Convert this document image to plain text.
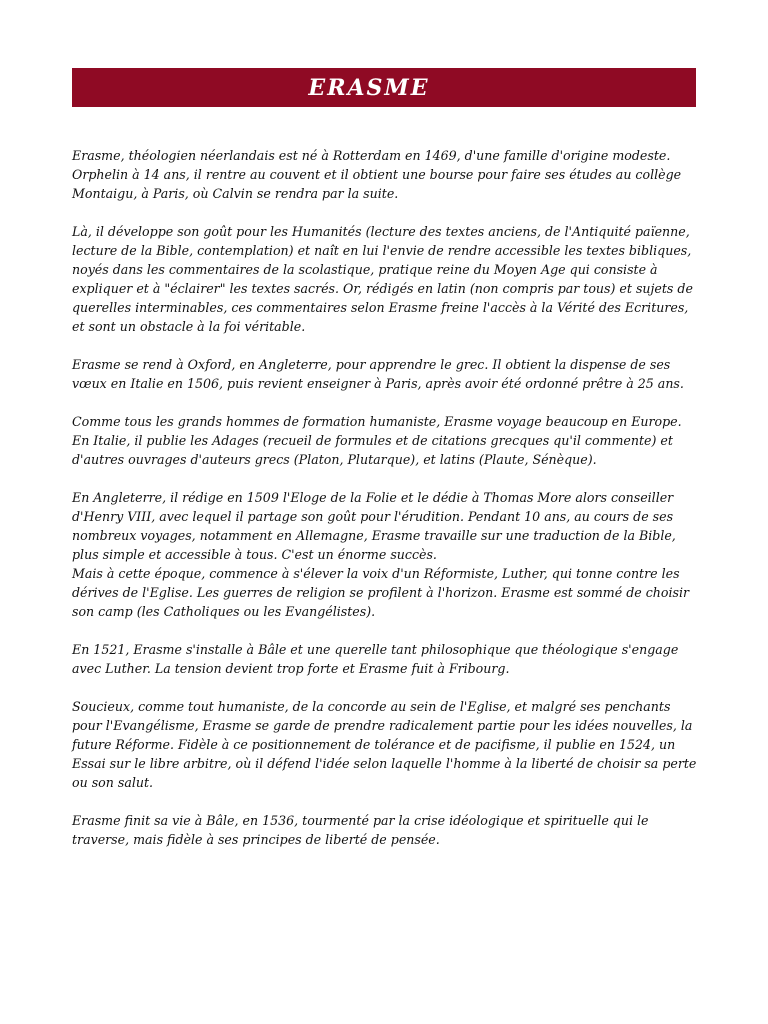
ERASME

Erasme, théologien néerlandais est né à Rotterdam en 1469, d'une famille d'origine modeste. Orphelin à 14 ans, il rentre au couvent et il obtient une bourse pour faire ses études au collège Montaigu, à Paris, où Calvin se rendra par la suite.

Là, il développe son goût pour les Humanités (lecture des textes anciens, de l'Antiquité païenne, lecture de la Bible, contemplation) et naît en lui l'envie de rendre accessible les textes bibliques, noyés dans les commentaires de la scolastique, pratique reine du Moyen Age qui consiste à expliquer et à "éclairer" les textes sacrés. Or, rédigés en latin (non compris par tous) et sujets de querelles interminables, ces commentaires selon Erasme freine l'accès à la Vérité des Ecritures, et sont un obstacle à la foi véritable.

Erasme se rend à Oxford, en Angleterre, pour apprendre le grec. Il obtient la dispense de ses vœux en Italie en 1506, puis revient enseigner à Paris, après avoir été ordonné prêtre à 25 ans.

Comme tous les grands hommes de formation humaniste, Erasme voyage beaucoup en Europe. En Italie, il publie les Adages (recueil de formules et de citations grecques qu'il commente) et d'autres ouvrages d'auteurs grecs (Platon, Plutarque), et latins (Plaute, Sénèque).

En Angleterre, il rédige en 1509 l'Eloge de la Folie et le dédie à Thomas More alors conseiller d'Henry VIII, avec lequel il partage son goût pour l'érudition. Pendant 10 ans, au cours de ses nombreux voyages, notamment en Allemagne, Erasme travaille sur une traduction de la Bible, plus simple et accessible à tous. C'est un énorme succès.

Mais à cette époque, commence à s'élever la voix d'un Réformiste, Luther, qui tonne contre les dérives de l'Eglise. Les guerres de religion se profilent à l'horizon. Erasme est sommé de choisir son camp (les Catholiques ou les Evangélistes).

En 1521, Erasme s'installe à Bâle et une querelle tant philosophique que théologique s'engage avec Luther. La tension devient trop forte et Erasme fuit à Fribourg.

Soucieux, comme tout humaniste, de la concorde au sein de l'Eglise, et malgré ses penchants pour l'Evangélisme, Erasme se garde de prendre radicalement partie pour les idées nouvelles, la future Réforme. Fidèle à ce positionnement de tolérance et de pacifisme, il publie en 1524, un Essai sur le libre arbitre, où il défend l'idée selon laquelle l'homme à la liberté de choisir sa perte ou son salut.

Erasme finit sa vie à Bâle, en 1536, tourmenté par la crise idéologique et spirituelle qui le traverse, mais fidèle à ses principes de liberté de pensée.
